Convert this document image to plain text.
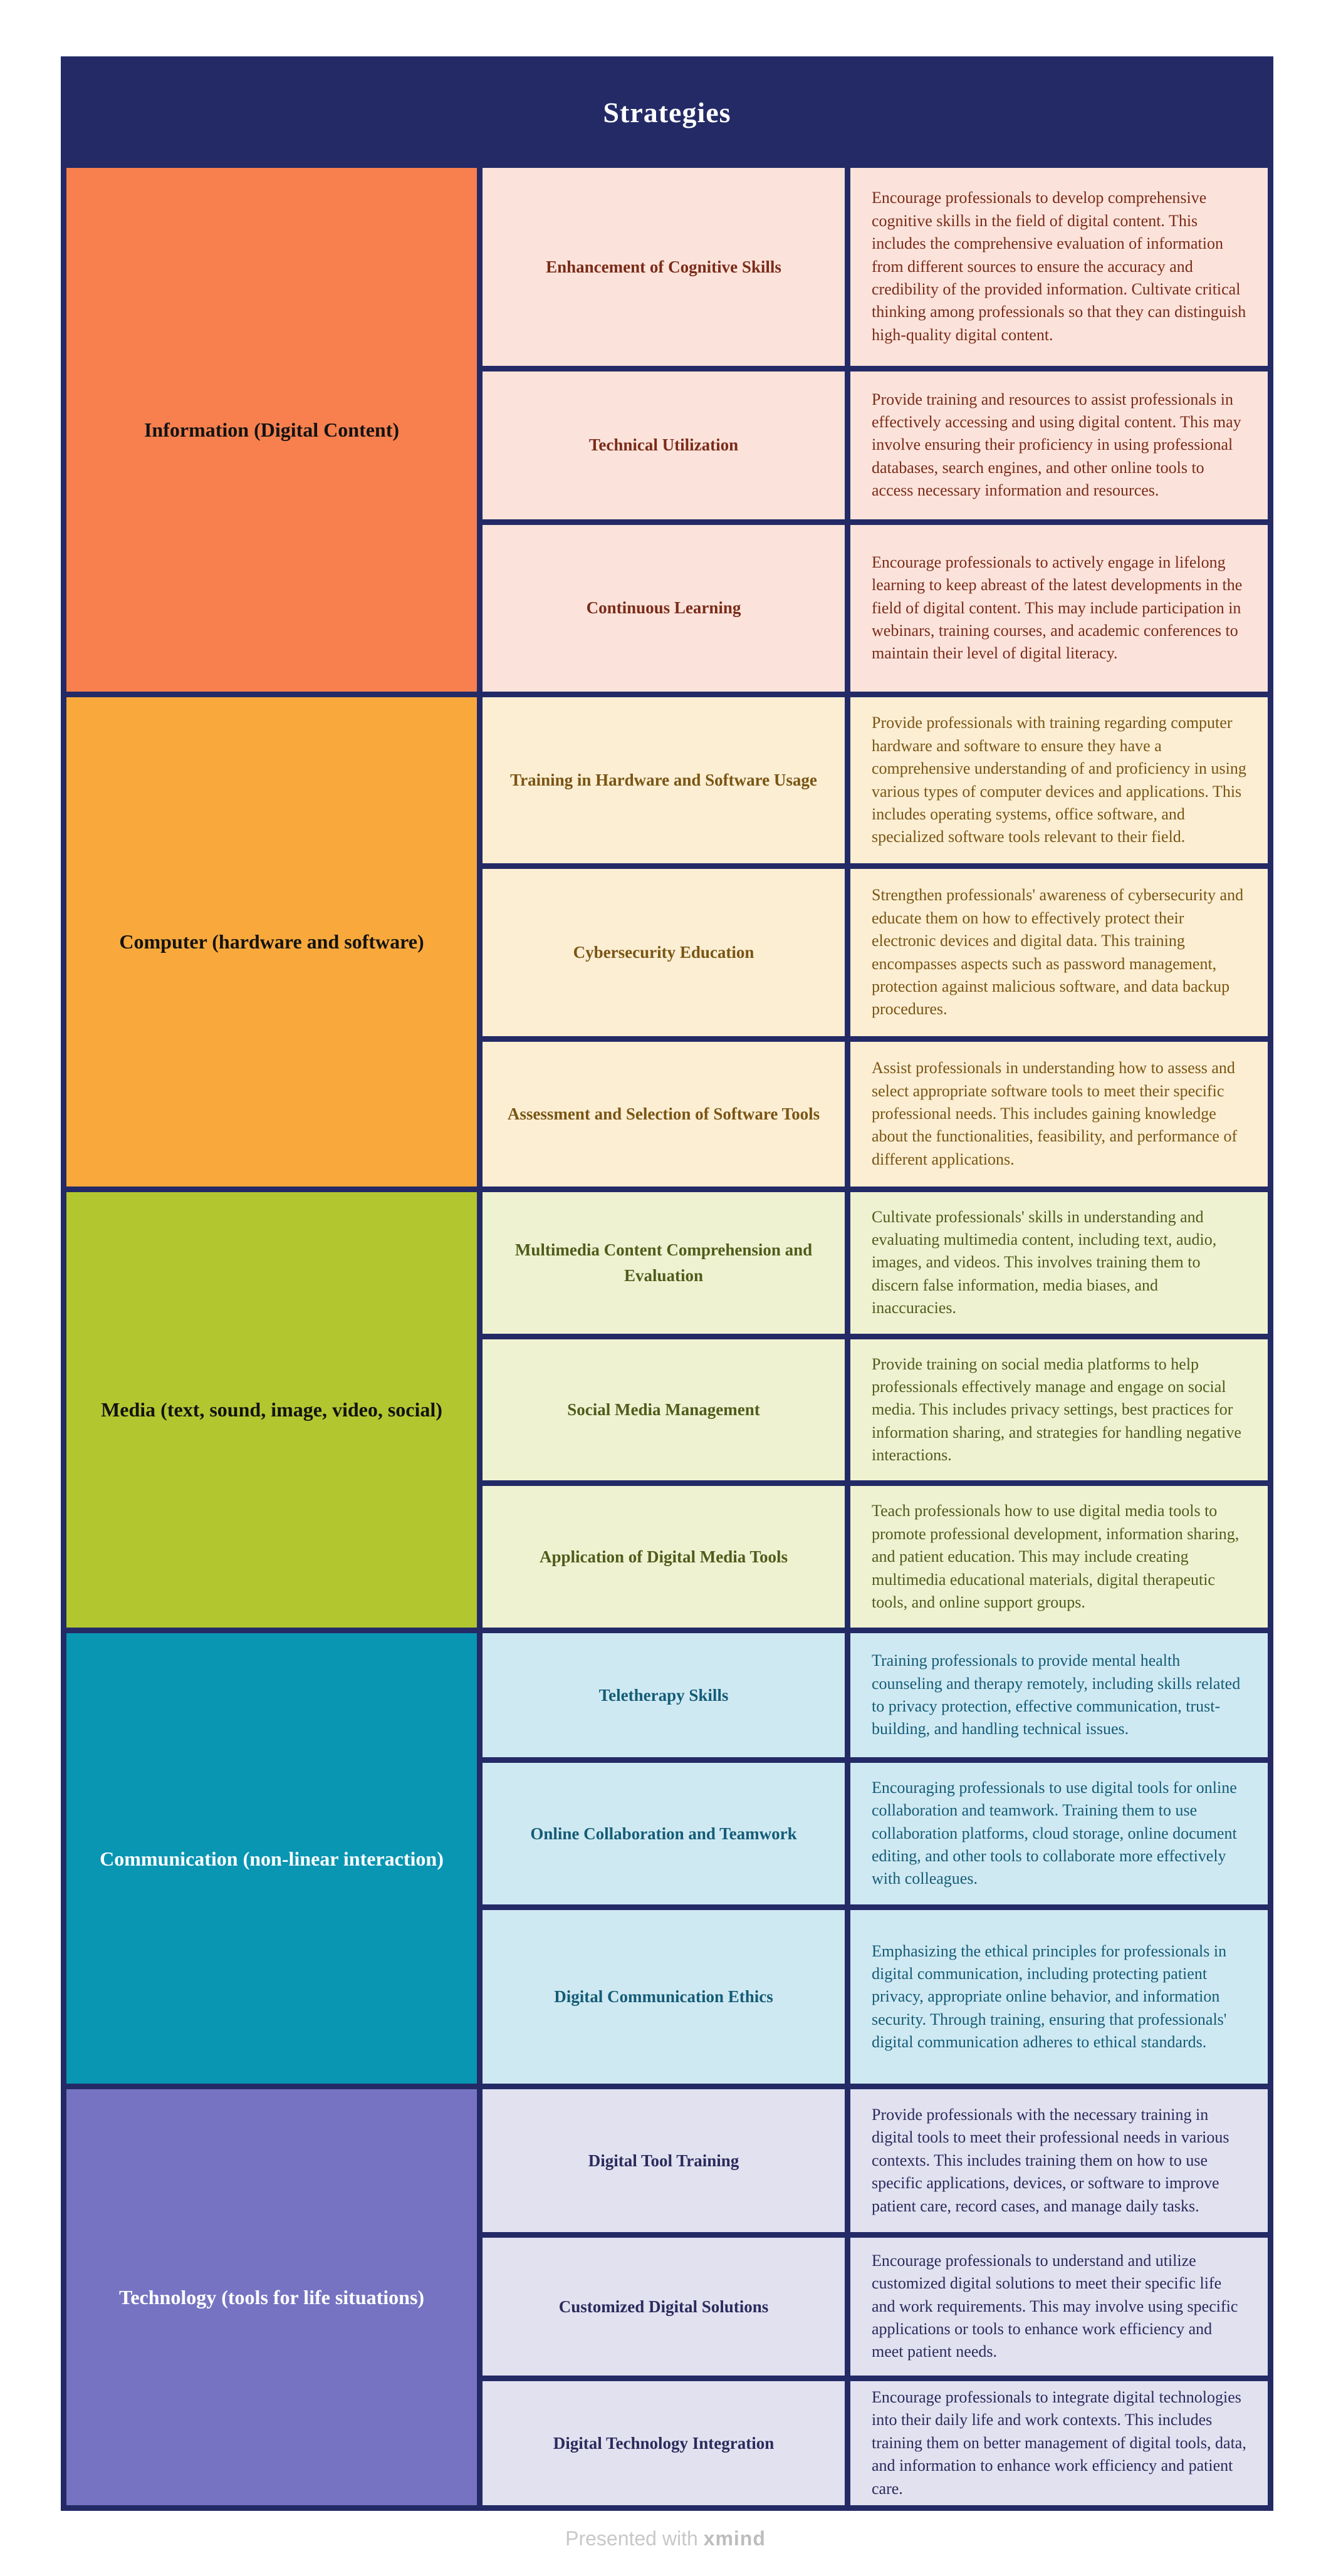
Strategies
Information (Digital Content)
Enhancement of Cognitive Skills
Encourage professionals to develop comprehensive cognitive skills in the field of digital content. This includes the comprehensive evaluation of information from different sources to ensure the accuracy and credibility of the provided information. Cultivate critical thinking among professionals so that they can distinguish high-quality digital content.
Technical Utilization
Provide training and resources to assist professionals in effectively accessing and using digital content. This may involve ensuring their proficiency in using professional databases, search engines, and other online tools to access necessary information and resources.
Continuous Learning
Encourage professionals to actively engage in lifelong learning to keep abreast of the latest developments in the field of digital content. This may include participation in webinars, training courses, and academic conferences to maintain their level of digital literacy.
Computer (hardware and software)
Training in Hardware and Software Usage
Provide professionals with training regarding computer hardware and software to ensure they have a comprehensive understanding of and proficiency in using various types of computer devices and applications. This includes operating systems, office software, and specialized software tools relevant to their field.
Cybersecurity Education
Strengthen professionals' awareness of cybersecurity and educate them on how to effectively protect their electronic devices and digital data. This training encompasses aspects such as password management, protection against malicious software, and data backup procedures.
Assessment and Selection of Software Tools
Assist professionals in understanding how to assess and select appropriate software tools to meet their specific professional needs. This includes gaining knowledge about the functionalities, feasibility, and performance of different applications.
Media (text, sound, image, video, social)
Multimedia Content Comprehension and Evaluation
Cultivate professionals' skills in understanding and evaluating multimedia content, including text, audio, images, and videos. This involves training them to discern false information, media biases, and inaccuracies.
Social Media Management
Provide training on social media platforms to help professionals effectively manage and engage on social media. This includes privacy settings, best practices for information sharing, and strategies for handling negative interactions.
Application of Digital Media Tools
Teach professionals how to use digital media tools to promote professional development, information sharing, and patient education. This may include creating multimedia educational materials, digital therapeutic tools, and online support groups.
Communication (non-linear interaction)
Teletherapy Skills
Training professionals to provide mental health counseling and therapy remotely, including skills related to privacy protection, effective communication, trust-building, and handling technical issues.
Online Collaboration and Teamwork
Encouraging professionals to use digital tools for online collaboration and teamwork. Training them to use collaboration platforms, cloud storage, online document editing, and other tools to collaborate more effectively with colleagues.
Digital Communication Ethics
Emphasizing the ethical principles for professionals in digital communication, including protecting patient privacy, appropriate online behavior, and information security. Through training, ensuring that professionals' digital communication adheres to ethical standards.
Technology (tools for life situations)
Digital Tool Training
Provide professionals with the necessary training in digital tools to meet their professional needs in various contexts. This includes training them on how to use specific applications, devices, or software to improve patient care, record cases, and manage daily tasks.
Customized Digital Solutions
Encourage professionals to understand and utilize customized digital solutions to meet their specific life and work requirements. This may involve using specific applications or tools to enhance work efficiency and meet patient needs.
Digital Technology Integration
Encourage professionals to integrate digital technologies into their daily life and work contexts. This includes training them on better management of digital tools, data, and information to enhance work efficiency and patient care.
Presented with xmind
